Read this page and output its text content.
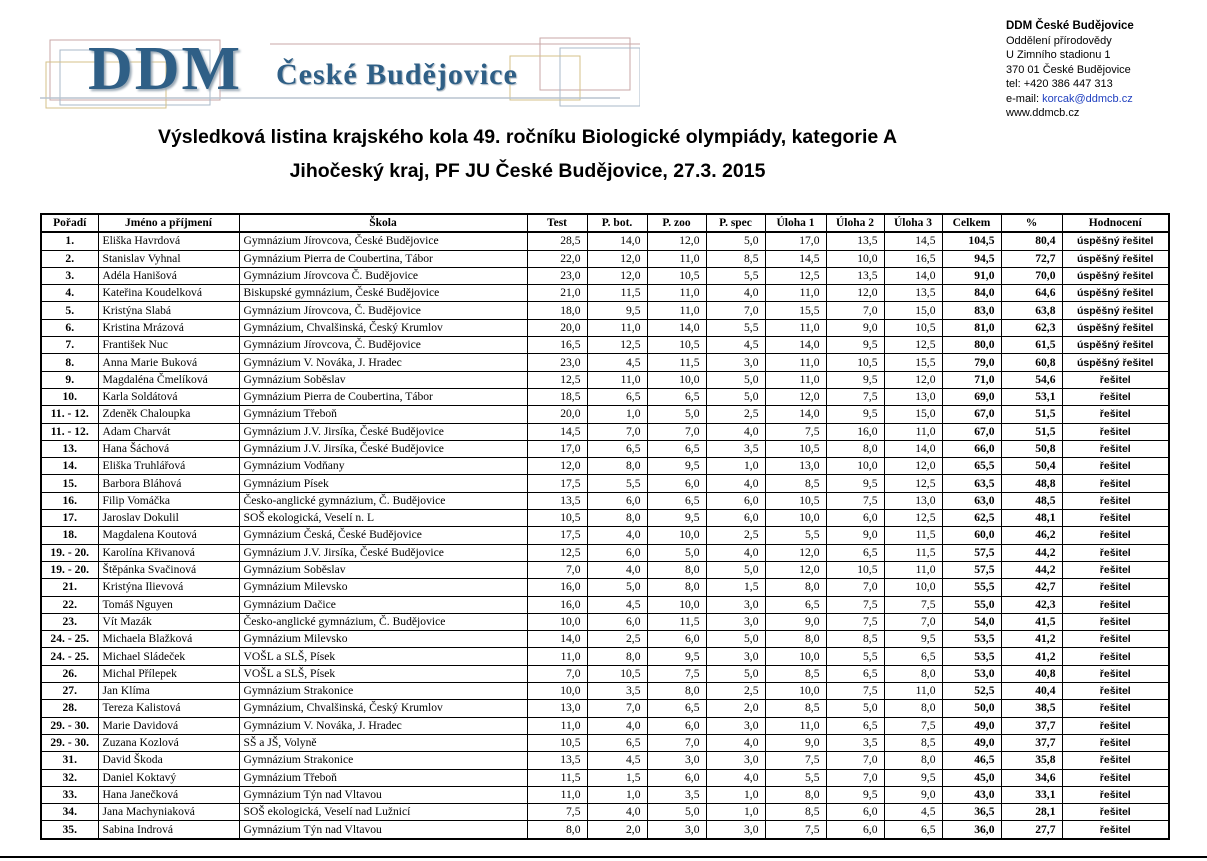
DDM České Budějovice
DDM České Budějovice
Oddělení přírodovědy
U Zimního stadionu 1
370 01 České Budějovice
tel: +420 386 447 313
e-mail: korcak@ddmcb.cz
www.ddmcb.cz
Výsledková listina krajského kola 49. ročníku Biologické olympiády, kategorie A
Jihočeský kraj, PF JU České Budějovice, 27.3. 2015
Pořadí	Jméno a příjmení	Škola	Test	P. bot.	P. zoo	P. spec	Úloha 1	Úloha 2	Úloha 3	Celkem	%	Hodnocení
1.	Eliška Havrdová	Gymnázium Jírovcova, České Budějovice	28,5	14,0	12,0	5,0	17,0	13,5	14,5	104,5	80,4	úspěšný řešitel
2.	Stanislav Vyhnal	Gymnázium Pierra de Coubertina, Tábor	22,0	12,0	11,0	8,5	14,5	10,0	16,5	94,5	72,7	úspěšný řešitel
3.	Adéla Hanišová	Gymnázium Jírovcova Č. Budějovice	23,0	12,0	10,5	5,5	12,5	13,5	14,0	91,0	70,0	úspěšný řešitel
4.	Kateřina Koudelková	Biskupské gymnázium, České Budějovice	21,0	11,5	11,0	4,0	11,0	12,0	13,5	84,0	64,6	úspěšný řešitel
5.	Kristýna Slabá	Gymnázium Jírovcova, Č. Budějovice	18,0	9,5	11,0	7,0	15,5	7,0	15,0	83,0	63,8	úspěšný řešitel
6.	Kristina Mrázová	Gymnázium, Chvalšinská, Český Krumlov	20,0	11,0	14,0	5,5	11,0	9,0	10,5	81,0	62,3	úspěšný řešitel
7.	František Nuc	Gymnázium Jírovcova, Č. Budějovice	16,5	12,5	10,5	4,5	14,0	9,5	12,5	80,0	61,5	úspěšný řešitel
8.	Anna Marie Buková	Gymnázium V. Nováka, J. Hradec	23,0	4,5	11,5	3,0	11,0	10,5	15,5	79,0	60,8	úspěšný řešitel
9.	Magdaléna Čmelíková	Gymnázium Soběslav	12,5	11,0	10,0	5,0	11,0	9,5	12,0	71,0	54,6	řešitel
10.	Karla Soldátová	Gymnázium Pierra de Coubertina, Tábor	18,5	6,5	6,5	5,0	12,0	7,5	13,0	69,0	53,1	řešitel
11. - 12.	Zdeněk Chaloupka	Gymnázium Třeboň	20,0	1,0	5,0	2,5	14,0	9,5	15,0	67,0	51,5	řešitel
11. - 12.	Adam Charvát	Gymnázium J.V. Jirsíka, České Budějovice	14,5	7,0	7,0	4,0	7,5	16,0	11,0	67,0	51,5	řešitel
13.	Hana Šáchová	Gymnázium J.V. Jirsíka, České Budějovice	17,0	6,5	6,5	3,5	10,5	8,0	14,0	66,0	50,8	řešitel
14.	Eliška Truhlářová	Gymnázium Vodňany	12,0	8,0	9,5	1,0	13,0	10,0	12,0	65,5	50,4	řešitel
15.	Barbora Bláhová	Gymnázium Písek	17,5	5,5	6,0	4,0	8,5	9,5	12,5	63,5	48,8	řešitel
16.	Filip Vomáčka	Česko-anglické gymnázium, Č. Budějovice	13,5	6,0	6,5	6,0	10,5	7,5	13,0	63,0	48,5	řešitel
17.	Jaroslav Dokulil	SOŠ ekologická, Veselí n. L	10,5	8,0	9,5	6,0	10,0	6,0	12,5	62,5	48,1	řešitel
18.	Magdalena Koutová	Gymnázium Česká, České Budějovice	17,5	4,0	10,0	2,5	5,5	9,0	11,5	60,0	46,2	řešitel
19. - 20.	Karolína Křivanová	Gymnázium J.V. Jirsíka, České Budějovice	12,5	6,0	5,0	4,0	12,0	6,5	11,5	57,5	44,2	řešitel
19. - 20.	Štěpánka Svačinová	Gymnázium Soběslav	7,0	4,0	8,0	5,0	12,0	10,5	11,0	57,5	44,2	řešitel
21.	Kristýna Ilievová	Gymnázium Milevsko	16,0	5,0	8,0	1,5	8,0	7,0	10,0	55,5	42,7	řešitel
22.	Tomáš Nguyen	Gymnázium Dačice	16,0	4,5	10,0	3,0	6,5	7,5	7,5	55,0	42,3	řešitel
23.	Vít Mazák	Česko-anglické gymnázium, Č. Budějovice	10,0	6,0	11,5	3,0	9,0	7,5	7,0	54,0	41,5	řešitel
24. - 25.	Michaela Blažková	Gymnázium Milevsko	14,0	2,5	6,0	5,0	8,0	8,5	9,5	53,5	41,2	řešitel
24. - 25.	Michael Sládeček	VOŠL a SLŠ, Písek	11,0	8,0	9,5	3,0	10,0	5,5	6,5	53,5	41,2	řešitel
26.	Michal Přílepek	VOŠL a SLŠ, Písek	7,0	10,5	7,5	5,0	8,5	6,5	8,0	53,0	40,8	řešitel
27.	Jan Klíma	Gymnázium Strakonice	10,0	3,5	8,0	2,5	10,0	7,5	11,0	52,5	40,4	řešitel
28.	Tereza Kalistová	Gymnázium, Chvalšinská, Český Krumlov	13,0	7,0	6,5	2,0	8,5	5,0	8,0	50,0	38,5	řešitel
29. - 30.	Marie Davidová	Gymnázium V. Nováka, J. Hradec	11,0	4,0	6,0	3,0	11,0	6,5	7,5	49,0	37,7	řešitel
29. - 30.	Zuzana Kozlová	SŠ a JŠ, Volyně	10,5	6,5	7,0	4,0	9,0	3,5	8,5	49,0	37,7	řešitel
31.	David Škoda	Gymnázium Strakonice	13,5	4,5	3,0	3,0	7,5	7,0	8,0	46,5	35,8	řešitel
32.	Daniel Koktavý	Gymnázium Třeboň	11,5	1,5	6,0	4,0	5,5	7,0	9,5	45,0	34,6	řešitel
33.	Hana Janečková	Gymnázium Týn nad Vltavou	11,0	1,0	3,5	1,0	8,0	9,5	9,0	43,0	33,1	řešitel
34.	Jana Machyniaková	SOŠ ekologická, Veselí nad Lužnicí	7,5	4,0	5,0	1,0	8,5	6,0	4,5	36,5	28,1	řešitel
35.	Sabina Indrová	Gymnázium Týn nad Vltavou	8,0	2,0	3,0	3,0	7,5	6,0	6,5	36,0	27,7	řešitel
